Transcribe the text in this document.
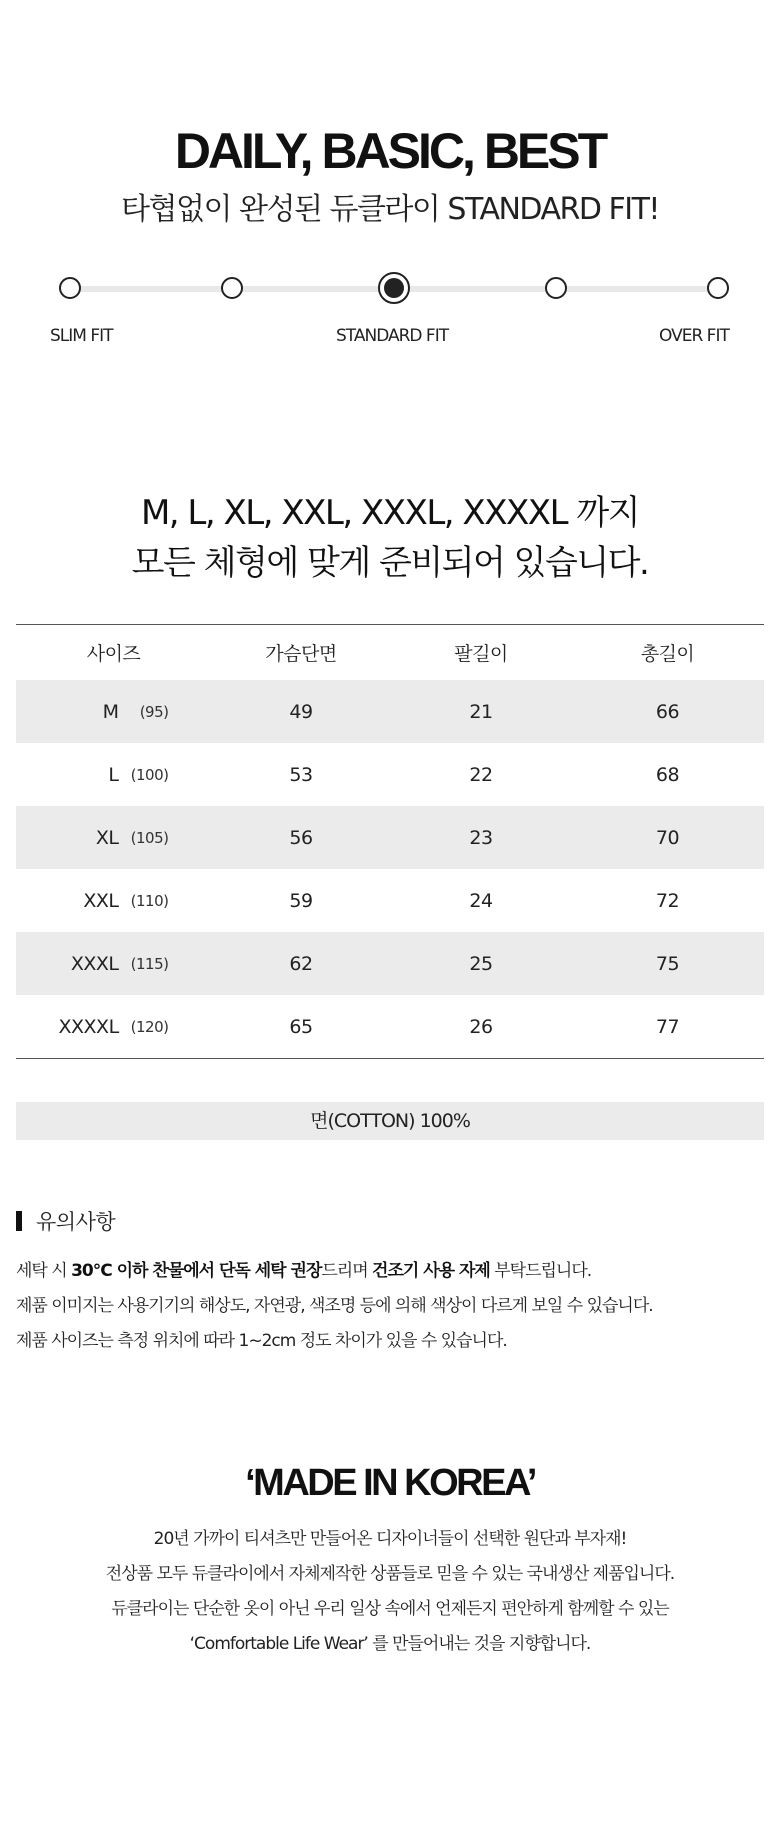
DAILY, BASIC, BEST
타협없이 완성된 듀클라이 STANDARD FIT!
SLIM FIT	STANDARD FIT	OVER FIT
M, L, XL, XXL, XXXL, XXXXL 까지
모든 체형에 맞게 준비되어 있습니다.
사이즈	가슴단면	팔길이	총길이
M	(95)	49	21	66
L (100)	53	22	68
XL (105)	56	23	70
XXL (110)	59	24	72
XXXL (115)	62	25	75
XXXXL (120)	65	26	77
면(COTTON) 100%
유의사항
세탁 시 30°C 이하 찬물에서 단독 세탁 권장드리며 건조기 사용 자제 부탁드립니다.
제품 이미지는 사용기기의 해상도, 자연광, 색조명 등에 의해 색상이 다르게 보일 수 있습니다.
제품 사이즈는 측정 위치에 따라 1~2cm 정도 차이가 있을 수 있습니다.
‘MADE IN KOREA’
20년 가까이 티셔츠만 만들어온 디자이너들이 선택한 원단과 부자재!
전상품 모두 듀클라이에서 자체제작한 상품들로 믿을 수 있는 국내생산 제품입니다.
듀클라이는 단순한 옷이 아닌 우리 일상 속에서 언제든지 편안하게 함께할 수 있는
‘Comfortable Life Wear’ 를 만들어내는 것을 지향합니다.
